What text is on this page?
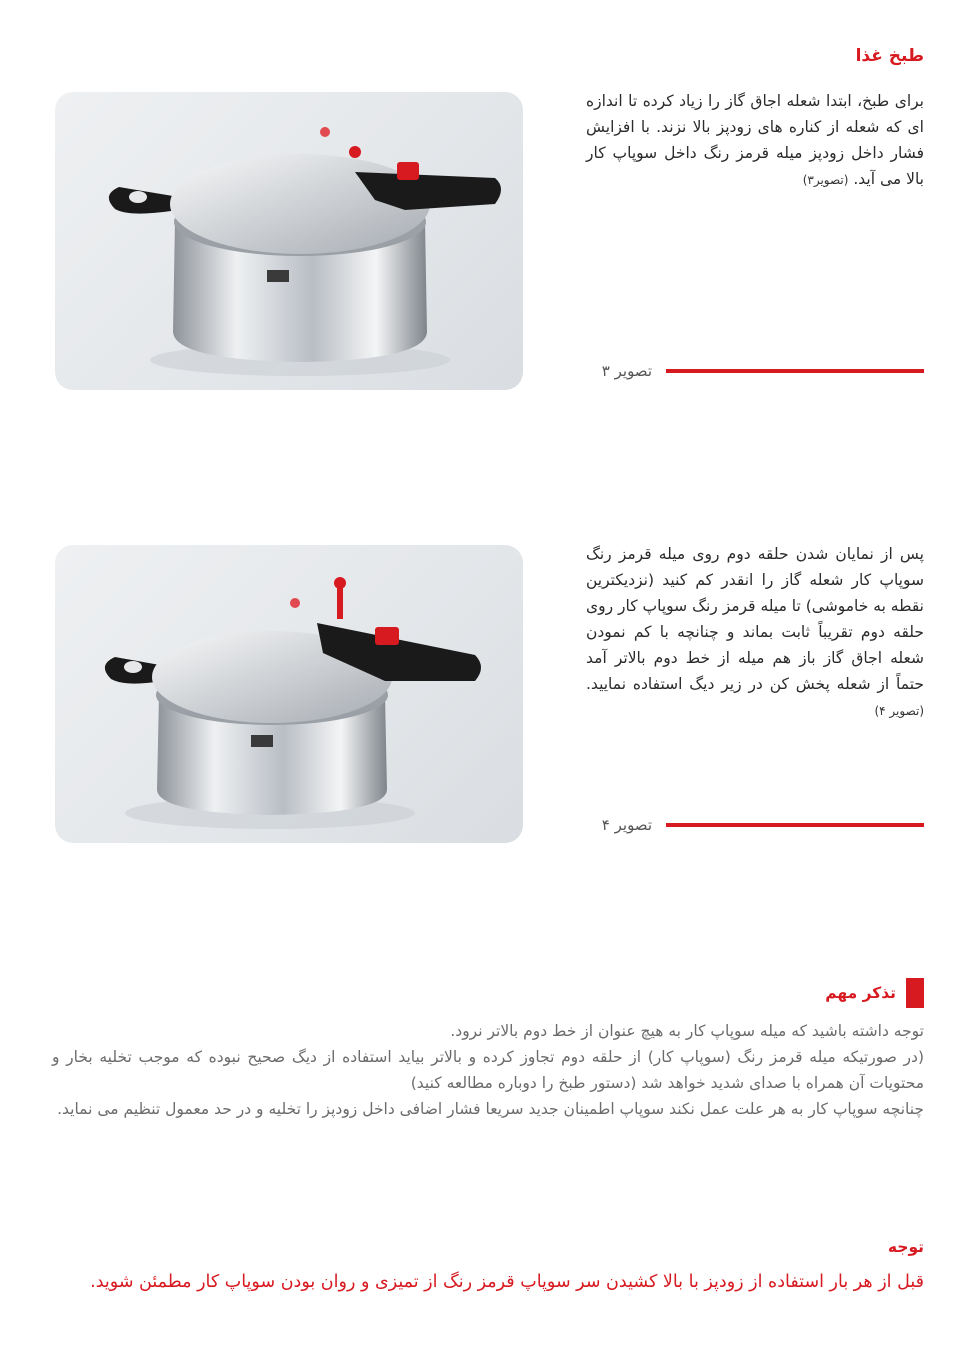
طبخ غذا
برای طبخ، ابتدا شعله اجاق گاز را زیاد کرده تا اندازه ای که شعله از کناره های زودپز بالا نزند. با افزایش فشار داخل زودپز میله قرمز رنگ داخل سوپاپ کار بالا می آید. (تصویر۳)
تصویر ۳
پس از نمایان شدن حلقه دوم روی میله قرمز رنگ سوپاپ کار شعله گاز را انقدر کم کنید (نزدیکترین نقطه به خاموشی) تا میله قرمز رنگ سوپاپ کار روی حلقه دوم تقریباً ثابت بماند و چنانچه با کم نمودن شعله اجاق گاز باز هم میله از خط دوم بالاتر آمد حتماً از شعله پخش کن در زیر دیگ استفاده نمایید. (تصویر ۴)
تصویر ۴
تذکر مهم
توجه داشته باشید که میله سوپاپ کار به هیچ عنوان از خط دوم بالاتر نرود.
(در صورتیکه میله قرمز رنگ (سوپاپ کار) از حلقه دوم تجاوز کرده و بالاتر بیاید استفاده از دیگ صحیح نبوده که موجب تخلیه بخار و محتویات آن همراه با صدای شدید خواهد شد (دستور طبخ را دوباره مطالعه کنید)
چنانچه سوپاپ کار به هر علت عمل نکند سوپاپ اطمینان جدید سریعا فشار اضافی داخل زودپز را تخلیه و در حد معمول تنظیم می نماید.
توجه
قبل از هر بار استفاده از زودپز با بالا کشیدن سر سوپاپ قرمز رنگ از تمیزی و روان بودن سوپاپ کار مطمئن شوید.
